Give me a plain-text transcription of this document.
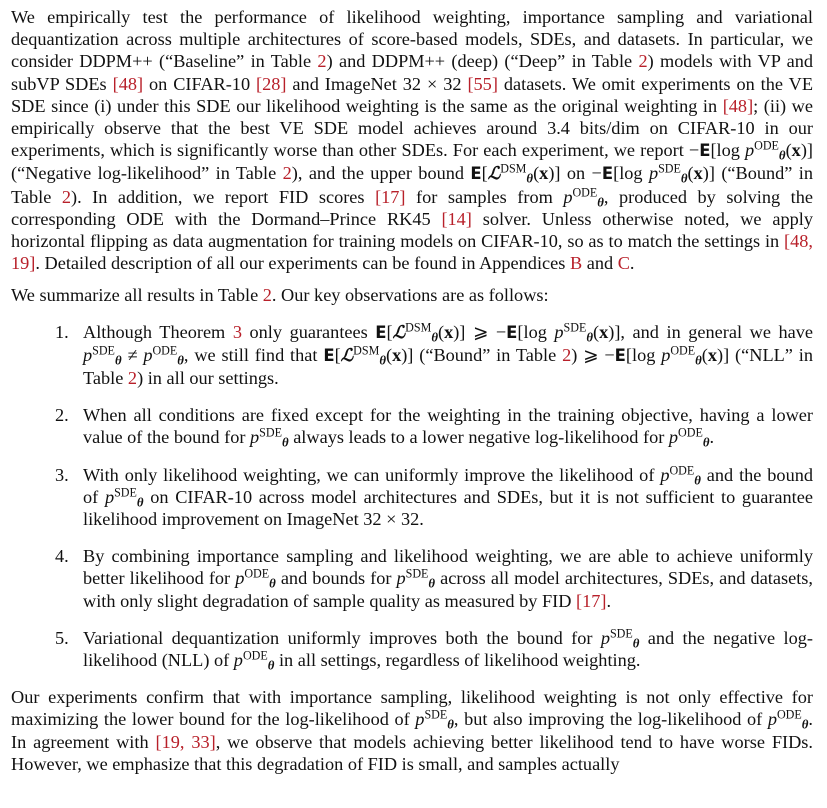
We empirically test the performance of likelihood weighting, importance sampling and variational dequantization across multiple architectures of score-based models, SDEs, and datasets. In particular, we consider DDPM++ (“Baseline” in Table 2) and DDPM++ (deep) (“Deep” in Table 2) models with VP and subVP SDEs [48] on CIFAR-10 [28] and ImageNet 32 × 32 [55] datasets. We omit experiments on the VE SDE since (i) under this SDE our likelihood weighting is the same as the original weighting in [48]; (ii) we empirically observe that the best VE SDE model achieves around 3.4 bits/dim on CIFAR-10 in our experiments, which is significantly worse than other SDEs. For each experiment, we report −E[log $p^{ODE}\theta(x)$] (“Negative log-likelihood” in Table 2), and the upper bound E[ℒ$^{DSM}$θ(x)] on −E[log $p^{SDE}\theta(x)$] (“Bound” in Table 2). In addition, we report FID scores [17] for samples from $p^{ODE}\theta$, produced by solving the corresponding ODE with the Dormand–Prince RK45 [14] solver. Unless otherwise noted, we apply horizontal flipping as data augmentation for training models on CIFAR-10, so as to match the settings in [48, 19]. Detailed description of all our experiments can be found in Appendices B and C.

We summarize all results in Table 2. Our key observations are as follows:

1. Although Theorem 3 only guarantees E[ℒ$^{DSM}$θ(x)] ⩾ −E[log $p^{SDE}\theta(x)$], and in general we have $p^{SDE}\theta \ne p^{ODE}\theta$, we still find that E[ℒ$^{DSM}$θ(x)] (“Bound” in Table 2) ⩾ −E[log $p^{ODE}\theta(x)$] (“NLL” in Table 2) in all our settings.
2. When all conditions are fixed except for the weighting in the training objective, having a lower value of the bound for $p^{SDE}\theta$ always leads to a lower negative log-likelihood for $p^{ODE}\theta$.
3. With only likelihood weighting, we can uniformly improve the likelihood of $p^{ODE}\theta$ and the bound of $p^{SDE}\theta$ on CIFAR-10 across model architectures and SDEs, but it is not sufficient to guarantee likelihood improvement on ImageNet 32 × 32.
4. By combining importance sampling and likelihood weighting, we are able to achieve uniformly better likelihood for $p^{ODE}\theta$ and bounds for $p^{SDE}\theta$ across all model architectures, SDEs, and datasets, with only slight degradation of sample quality as measured by FID [17].
5. Variational dequantization uniformly improves both the bound for $p^{SDE}\theta$ and the negative log-likelihood (NLL) of $p^{ODE}\theta$ in all settings, regardless of likelihood weighting.

Our experiments confirm that with importance sampling, likelihood weighting is not only effective for maximizing the lower bound for the log-likelihood of $p^{SDE}\theta$, but also improving the log-likelihood of $p^{ODE}\theta$. In agreement with [19, 33], we observe that models achieving better likelihood tend to have worse FIDs. However, we emphasize that this degradation of FID is small, and samples actually
